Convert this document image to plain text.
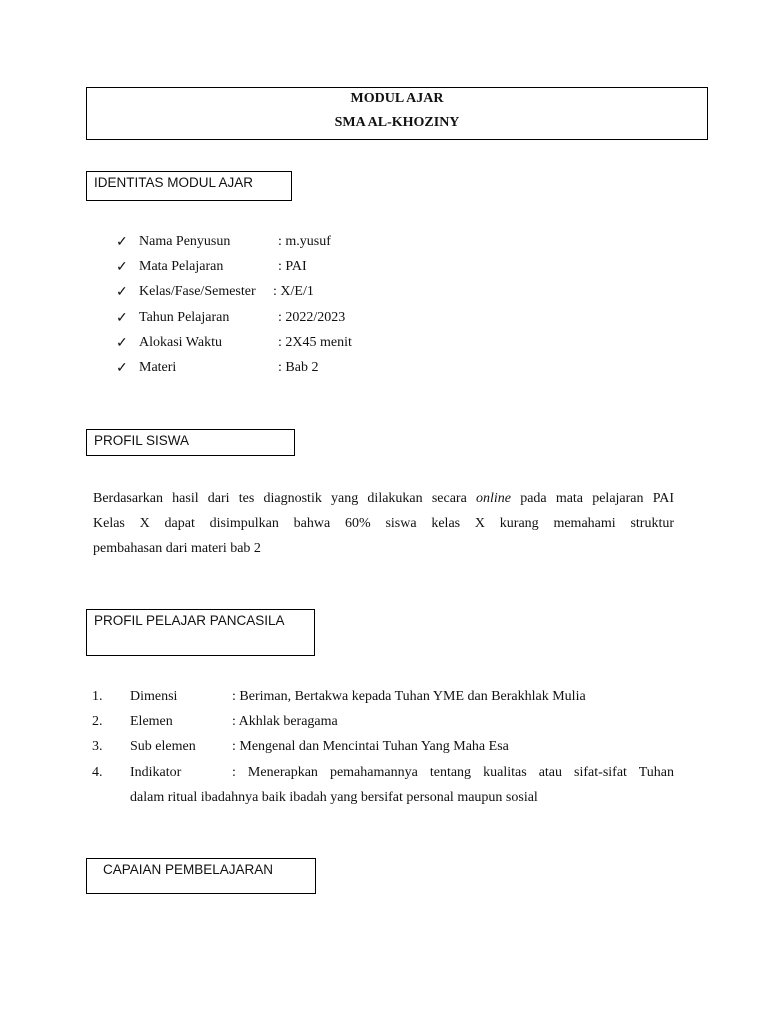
MODUL AJAR
SMA AL-KHOZINY
IDENTITAS MODUL AJAR
✓ Nama Penyusun	: m.yusuf
✓ Mata Pelajaran	: PAI
✓ Kelas/Fase/Semester : X/E/1
✓ Tahun Pelajaran	: 2022/2023
✓ Alokasi Waktu	: 2X45 menit
✓ Materi	: Bab 2
PROFIL SISWA
Berdasarkan hasil dari tes diagnostik yang dilakukan secara online pada mata pelajaran PAI
Kelas X dapat disimpulkan bahwa 60% siswa kelas X kurang memahami struktur
pembahasan dari materi bab 2
PROFIL PELAJAR PANCASILA
1. Dimensi	: Beriman, Bertakwa kepada Tuhan YME dan Berakhlak Mulia
2. Elemen	: Akhlak beragama
3. Sub elemen	: Mengenal dan Mencintai Tuhan Yang Maha Esa
4. Indikator	: Menerapkan pemahamannya tentang kualitas atau sifat-sifat Tuhan
dalam ritual ibadahnya baik ibadah yang bersifat personal maupun sosial
CAPAIAN PEMBELAJARAN
